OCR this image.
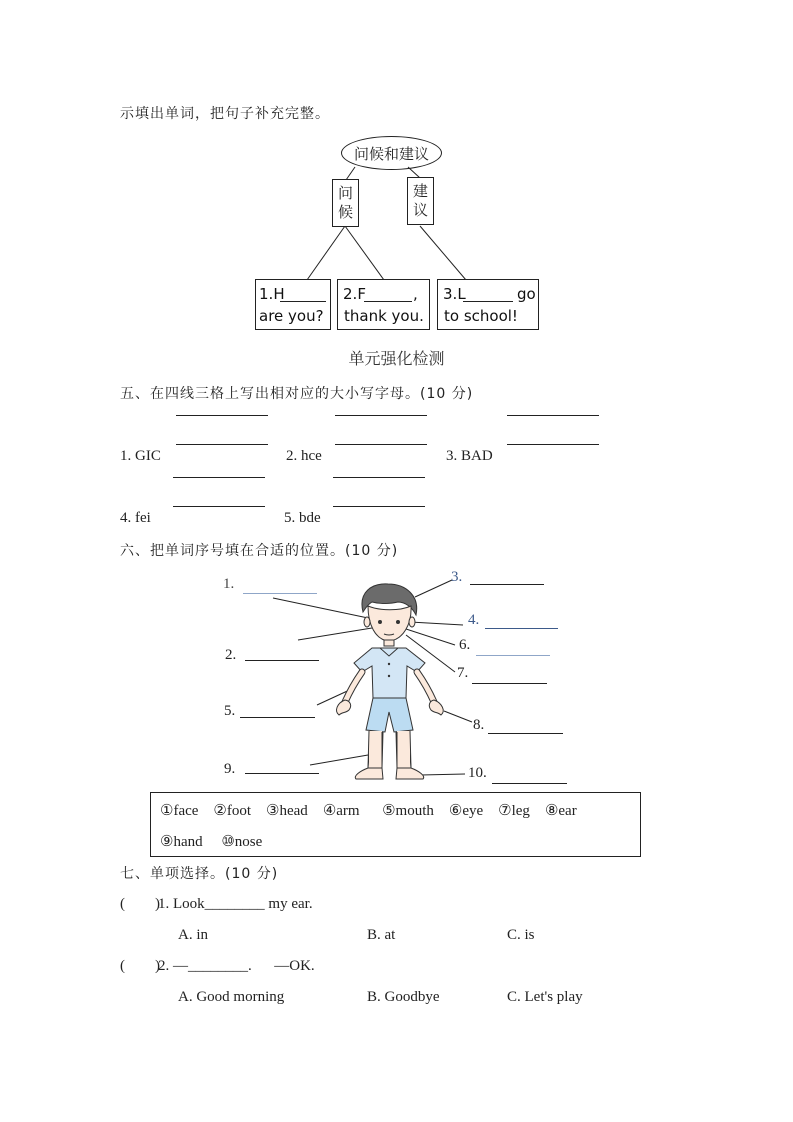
示填出单词，把句子补充完整。
问候和建议
问
候
建
议
1.H
are you?
2.F	,
thank you.
3.L	go
to school!
单元强化检测
五、在四线三格上写出相对应的大小写字母。(10 分)
1. GIC	2. hce	3. BAD
4. fei	5. bde
六、把单词序号填在合适的位置。(10 分)
1.	3.
4.
2.
6.
7.
5.
8.
9.	10.
①face ②foot ③head ④arm ⑤mouth ⑥eye ⑦leg ⑧ear
⑨hand ⑩nose
七、单项选择。(10 分)
(        )
1. Look________ my ear.
A. in	B. at	C. is
(        )
2. —________.      —OK.
A. Good morning	B. Goodbye	C. Let's play
